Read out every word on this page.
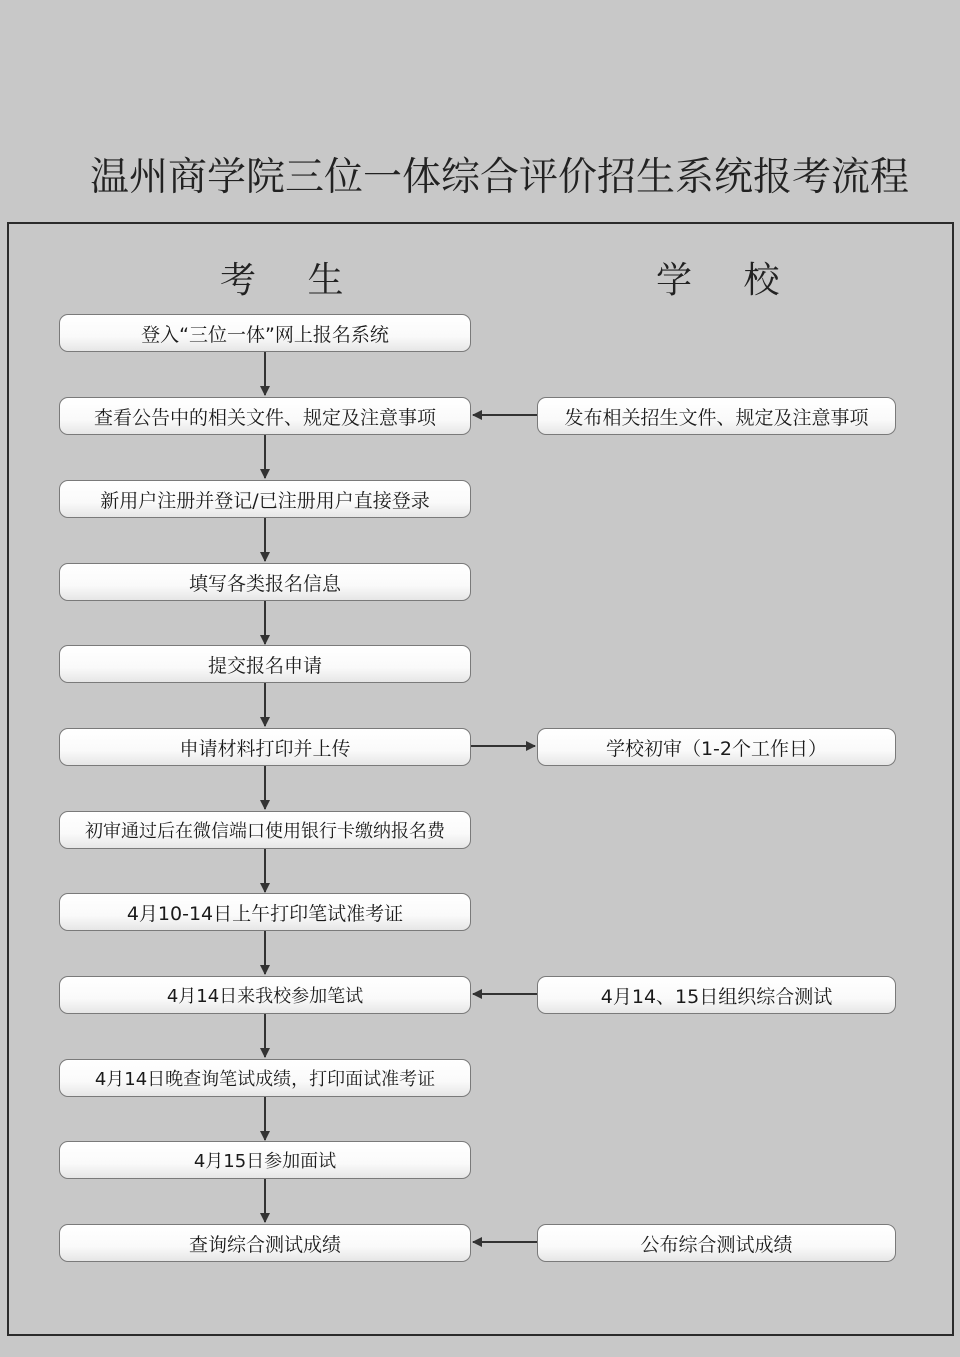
温州商学院三位一体综合评价招生系统报考流程
考 生	学 校
登入“三位一体”网上报名系统
查看公告中的相关文件、规定及注意事项
新用户注册并登记/已注册用户直接登录
填写各类报名信息
提交报名申请
申请材料打印并上传
初审通过后在微信端口使用银行卡缴纳报名费
4月10-14日上午打印笔试准考证
4月14日来我校参加笔试
4月14日晚查询笔试成绩，打印面试准考证
4月15日参加面试
查询综合测试成绩
发布相关招生文件、规定及注意事项
学校初审（1-2个工作日）
4月14、15日组织综合测试
公布综合测试成绩
